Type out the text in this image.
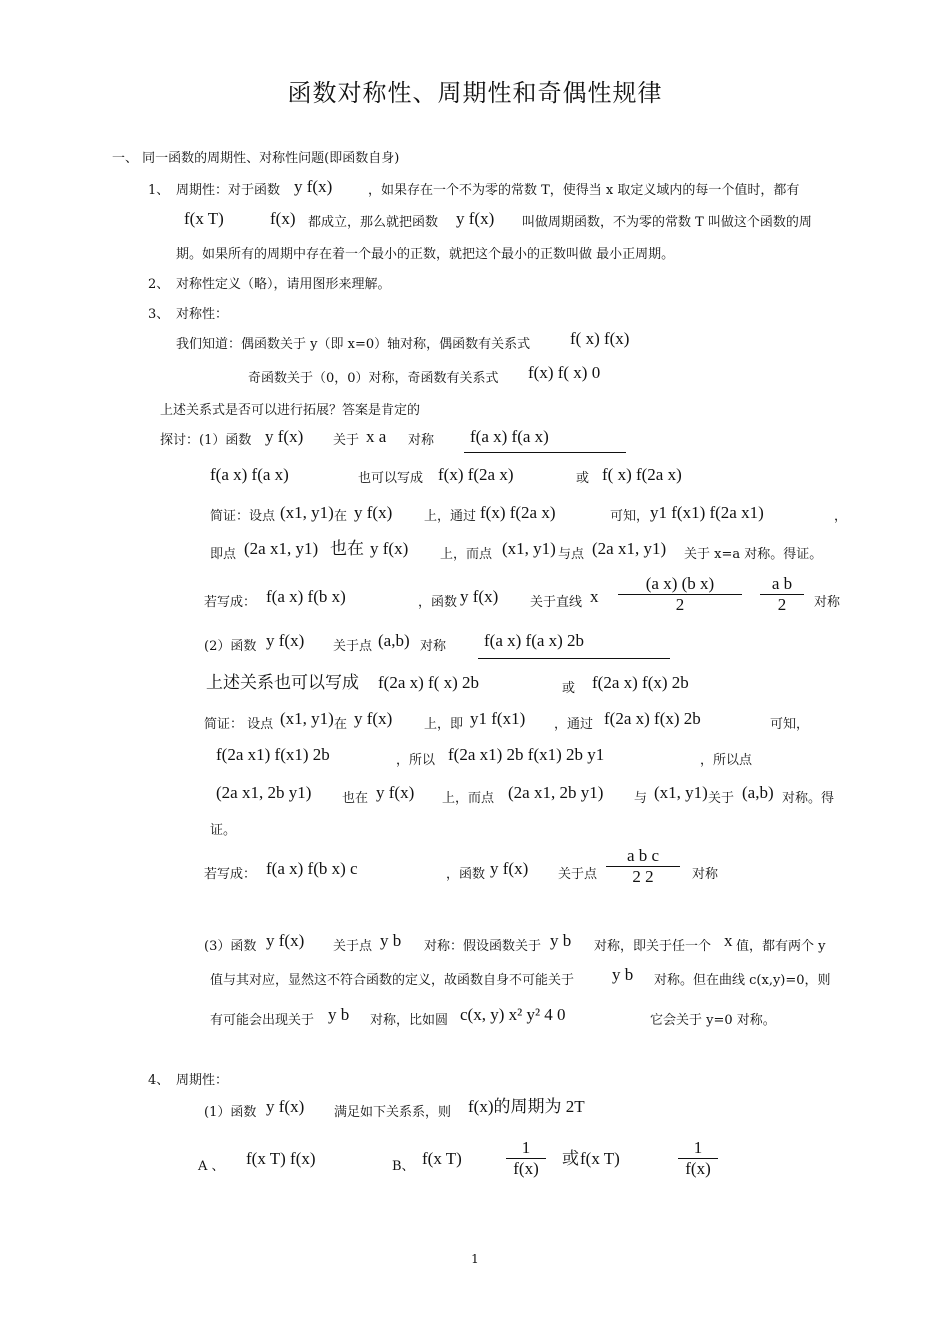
函数对称性、周期性和奇偶性规律
一、 同一函数的周期性、对称性问题(即函数自身)
1、 周期性：对于函数 y f(x)	，如果存在一个不为零的常数 T，使得当 x 取定义域内的每一个值时，都有
f(x T)	f(x) 都成立，那么就把函数 y f(x) 叫做周期函数，不为零的常数 T 叫做这个函数的周
期。如果所有的周期中存在着一个最小的正数，就把这个最小的正数叫做 最小正周期。
2、 对称性定义（略），请用图形来理解。
3、 对称性：
我们知道：偶函数关于 y（即 x=0）轴对称，偶函数有关系式 f( x) f(x)
奇函数关于（0，0）对称，奇函数有关系式 f(x) f( x) 0
上述关系式是否可以进行拓展？答案是肯定的
探讨：(1）函数 y f(x) 关于 x a 对称 f(a x) f(a x)
f(a x) f(a x)	也可以写成 f(x) f(2a x)	或 f( x) f(2a x)
简证：设点 (x1, y1) 在 y f(x) 上，通过 f(x) f(2a x)	可知， y1 f(x1) f(2a x1)	，
即点 (2a x1, y1) 也在 y f(x) 上，而点 (x1, y1) 与点 (2a x1, y1) 关于 x=a 对称。得证。
若写成： f(a x) f(b x)	，函数 y f(x) 关于直线 x
(a x) (b x)
2
a b
2	对称
(2）函数 y f(x) 关于点 (a,b) 对称 f(a x) f(a x) 2b
上述关系也可以写成 f(2a x) f( x) 2b	或 f(2a x) f(x) 2b
简证： 设点 (x1, y1) 在 y f(x) 上，即 y1 f(x1) ，通过 f(2a x) f(x) 2b	可知，
f(2a x1) f(x1) 2b	，所以 f(2a x1) 2b f(x1) 2b y1	，所以点
(2a x1, 2b y1) 也在 y f(x) 上，而点 (2a x1, 2b y1) 与 (x1, y1) 关于 (a,b) 对称。得
证。
若写成： f(a x) f(b x) c	，函数 y f(x) 关于点
a b c
2 2	对称
(3）函数 y f(x) 关于点 y b 对称：假设函数关于 y b 对称，即关于任一个 x 值，都有两个 y
值与其对应，显然这不符合函数的定义，故函数自身不可能关于 y b 对称。但在曲线 c(x,y)=0，则
有可能会出现关于 y b 对称，比如圆 c(x, y) x² y² 4 0	它会关于 y=0 对称。
4、 周期性：
(1）函数 y f(x) 满足如下关系系，则 f(x)的周期为 2T
A 、 f(x T) f(x)	B、 f(x T)
1
f(x)	或 f(x T)
1
f(x)
1
